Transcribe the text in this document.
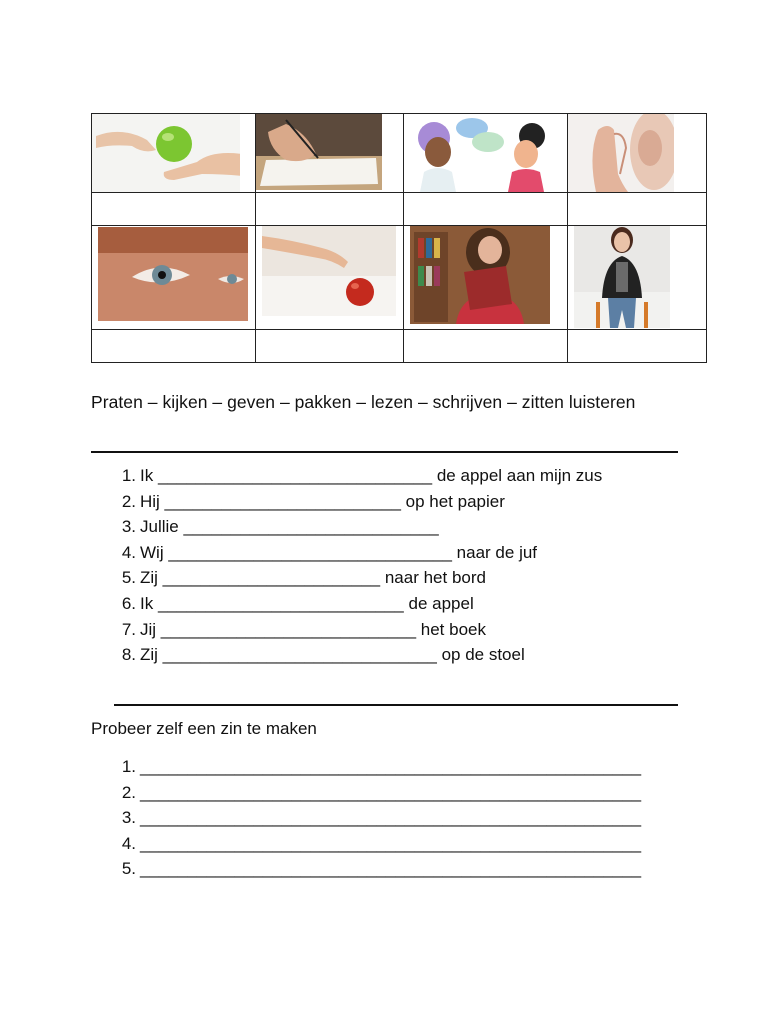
Praten – kijken – geven – pakken – lezen – schrijven – zitten luisteren
1. Ik _____________________________ de appel aan mijn zus
2. Hij _________________________ op het papier
3. Jullie ___________________________
4. Wij ______________________________ naar de juf
5. Zij _______________________ naar het bord
6. Ik __________________________ de appel
7. Jij ___________________________ het boek
8. Zij _____________________________ op de stoel
Probeer zelf een zin te maken
1. _____________________________________________________
2. _____________________________________________________
3. _____________________________________________________
4. _____________________________________________________
5. _____________________________________________________
